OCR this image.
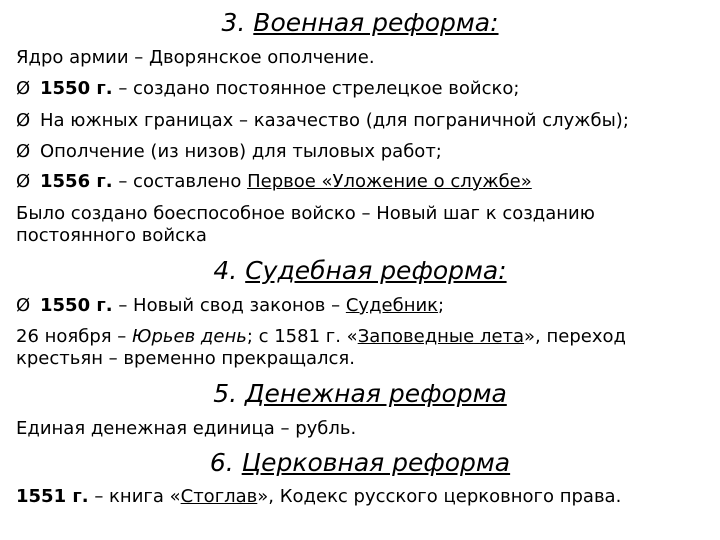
3. Военная реформа:
Ядро армии – Дворянское ополчение.
Ø 1550 г. – создано постоянное стрелецкое войско;
Ø На южных границах – казачество (для пограничной службы);
Ø Ополчение (из низов) для тыловых работ;
Ø 1556 г. – составлено Первое «Уложение о службе»
Было создано боеспособное войско – Новый шаг к созданию
постоянного войска
4. Судебная реформа:
Ø 1550 г. – Новый свод законов – Судебник;
26 ноября – Юрьев день; с 1581 г. «Заповедные лета», переход
крестьян – временно прекращался.
5. Денежная реформа
Единая денежная единица – рубль.
6. Церковная реформа
1551 г. – книга «Стоглав», Кодекс русского церковного права.
